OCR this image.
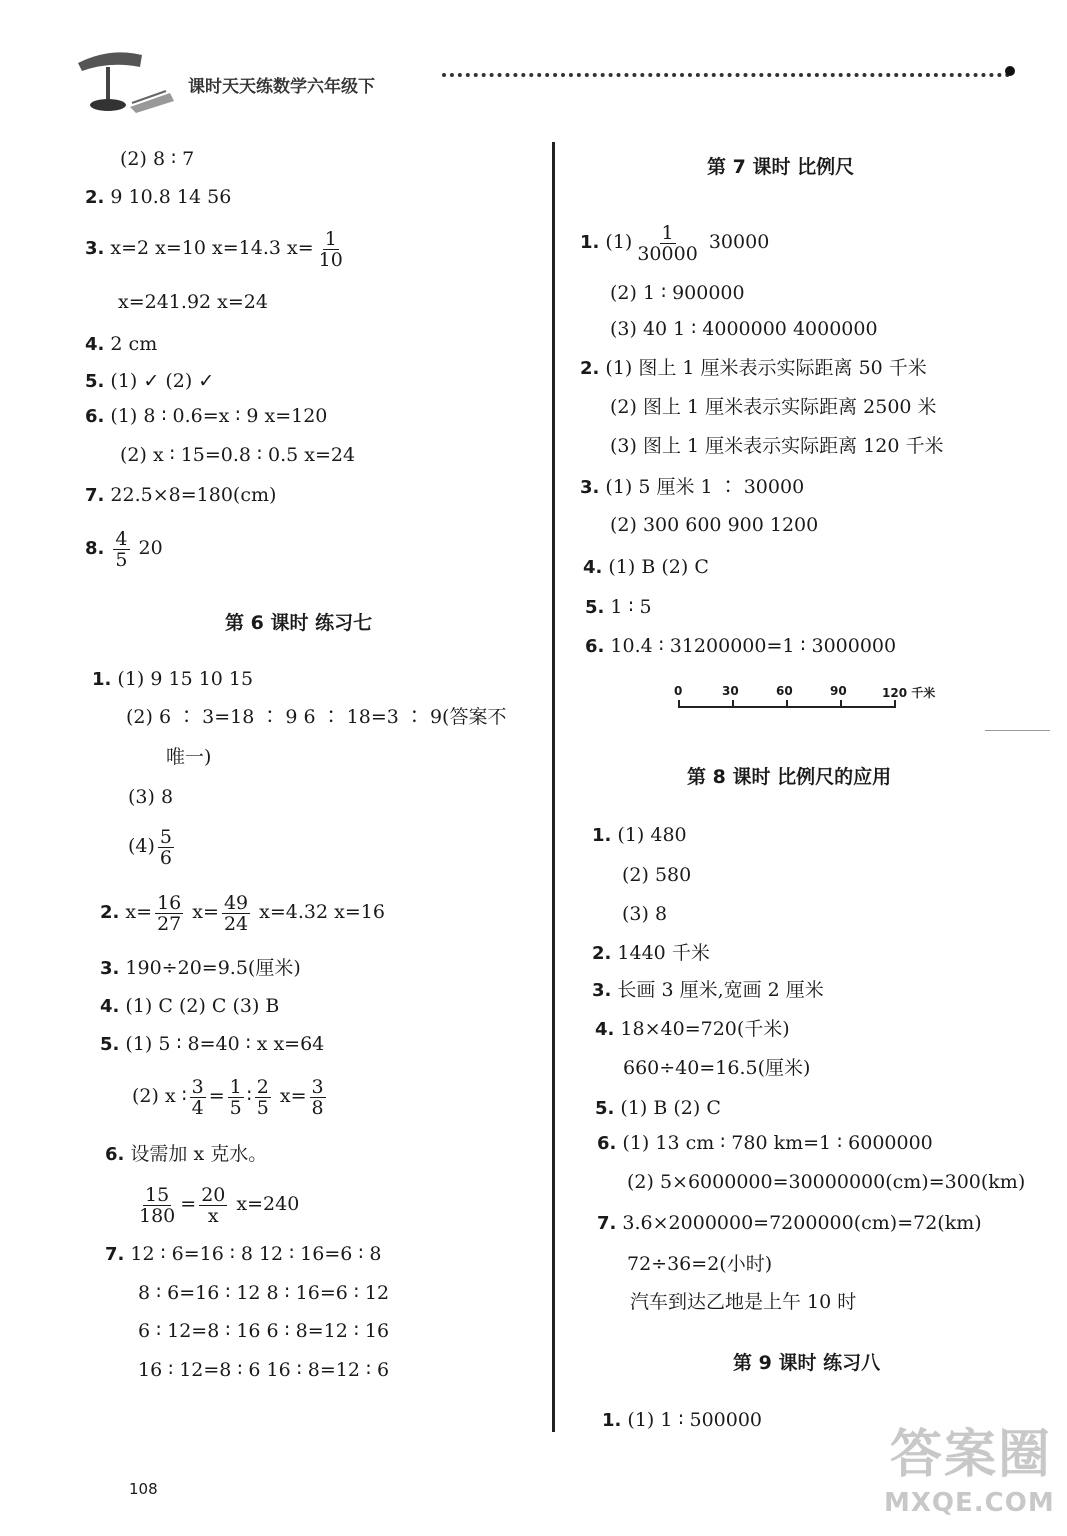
课时天天练数学六年级下
(2) 8 ∶ 7
2. 9 10.8 14 56
3. x=2 x=10 x=14.3 $x= \frac{1}{10}$
x=241.92 x=24
4. 2 cm
5. (1) ✓ (2) ✓
6. (1) 8 ∶ 0.6=x ∶ 9 x=120
(2) x ∶ 15=0.8 ∶ 0.5 x=24
7. 22.5×8=180(cm)
8. $\frac{4}{5} 20$
第 6 课时 练习七
1. (1) 9 15 10 15
(2) 6 ∶ 3=18 ∶ 9 6 ∶ 18=3 ∶ 9(答案不
唯一)
(3) 8
$(4) \frac{5}{6}$
2. $x= \frac{16}{27} x= \frac{49}{24} x=4.32$ x=16
3. 190÷20=9.5(厘米)
4. (1) C (2) C (3) B
5. (1) 5 ∶ 8=40 ∶ x x=64
(2) x ∶ $\frac{3}{4} = \frac{1}{5}$ ∶ $\frac{2}{5} x= \frac{3}{8}$
6. 设需加 x 克水。
$\frac{15}{180} = \frac{20}{x} x=240$
7. 12 ∶ 6=16 ∶ 8 12 ∶ 16=6 ∶ 8
8 ∶ 6=16 ∶ 12 8 ∶ 16=6 ∶ 12
6 ∶ 12=8 ∶ 16 6 ∶ 8=12 ∶ 16
16 ∶ 12=8 ∶ 6 16 ∶ 8=12 ∶ 6
第 7 课时 比例尺
1. $(1) \frac{1}{30000} 30000$
(2) 1 ∶ 900000
(3) 40 1 ∶ 4000000 4000000
2. (1) 图上 1 厘米表示实际距离 50 千米
(2) 图上 1 厘米表示实际距离 2500 米
(3) 图上 1 厘米表示实际距离 120 千米
3. (1) 5 厘米 1 ∶ 30000
(2) 300 600 900 1200
4. (1) B (2) C
5. 1 ∶ 5
6. 10.4 ∶ 31200000=1 ∶ 3000000
0	30	60	90	120 千米
第 8 课时 比例尺的应用
1. (1) 480
(2) 580
(3) 8
2. 1440 千米
3. 长画 3 厘米,宽画 2 厘米
4. 18×40=720(千米)
660÷40=16.5(厘米)
5. (1) B (2) C
6. (1) 13 cm ∶ 780 km=1 ∶ 6000000
(2) 5×6000000=30000000(cm)=300(km)
7. 3.6×2000000=7200000(cm)=72(km)
72÷36=2(小时)
汽车到达乙地是上午 10 时
第 9 课时 练习八
1. (1) 1 ∶ 500000
108
答案圈
MXQE.COM
